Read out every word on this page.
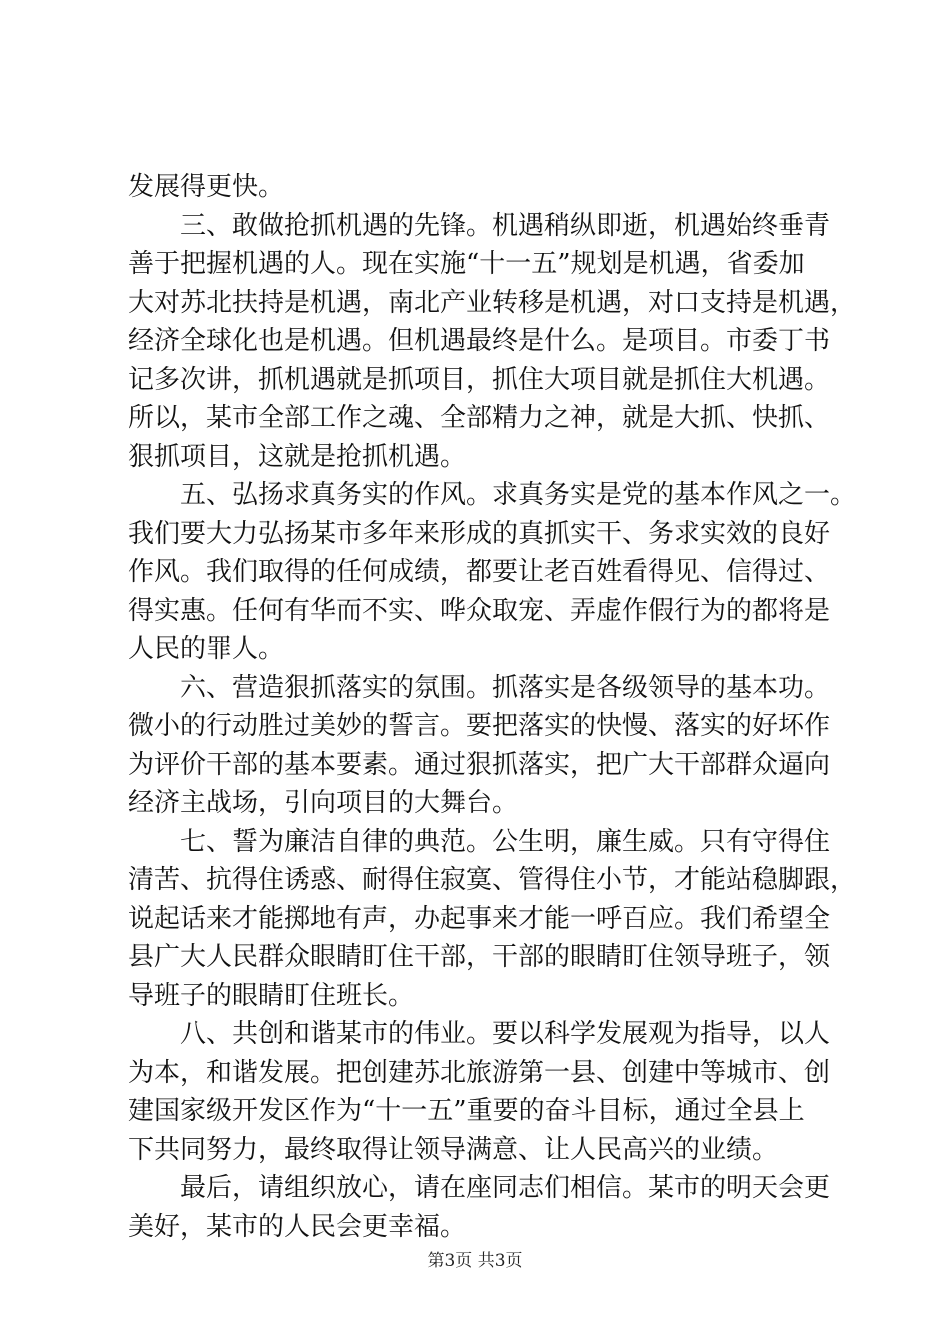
发展得更快。
三、敢做抢抓机遇的先锋。机遇稍纵即逝，机遇始终垂青
善于把握机遇的人。现在实施“十一五”规划是机遇，省委加
大对苏北扶持是机遇，南北产业转移是机遇，对口支持是机遇，
经济全球化也是机遇。但机遇最终是什么。是项目。市委丁书
记多次讲，抓机遇就是抓项目，抓住大项目就是抓住大机遇。
所以，某市全部工作之魂、全部精力之神，就是大抓、快抓、
狠抓项目，这就是抢抓机遇。
五、弘扬求真务实的作风。求真务实是党的基本作风之一。
我们要大力弘扬某市多年来形成的真抓实干、务求实效的良好
作风。我们取得的任何成绩，都要让老百姓看得见、信得过、
得实惠。任何有华而不实、哗众取宠、弄虚作假行为的都将是
人民的罪人。
六、营造狠抓落实的氛围。抓落实是各级领导的基本功。
微小的行动胜过美妙的誓言。要把落实的快慢、落实的好坏作
为评价干部的基本要素。通过狠抓落实，把广大干部群众逼向
经济主战场，引向项目的大舞台。
七、誓为廉洁自律的典范。公生明，廉生威。只有守得住
清苦、抗得住诱惑、耐得住寂寞、管得住小节，才能站稳脚跟，
说起话来才能掷地有声，办起事来才能一呼百应。我们希望全
县广大人民群众眼睛盯住干部，干部的眼睛盯住领导班子，领
导班子的眼睛盯住班长。
八、共创和谐某市的伟业。要以科学发展观为指导，以人
为本，和谐发展。把创建苏北旅游第一县、创建中等城市、创
建国家级开发区作为“十一五”重要的奋斗目标，通过全县上
下共同努力，最终取得让领导满意、让人民高兴的业绩。
最后，请组织放心，请在座同志们相信。某市的明天会更
美好，某市的人民会更幸福。
第3页 共3页
